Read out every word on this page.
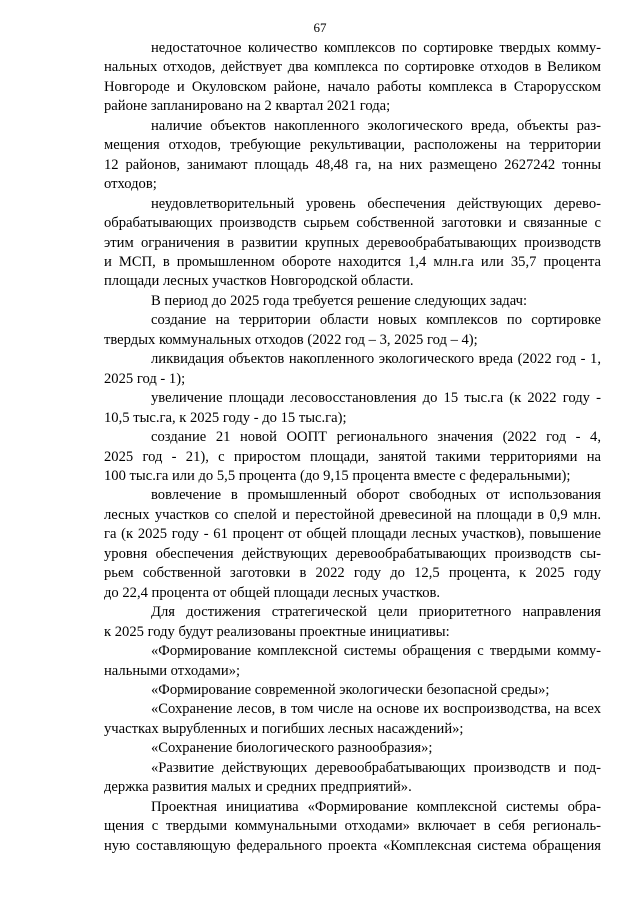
67
недостаточное количество комплексов по сортировке твердых комму-
нальных отходов, действует два комплекса по сортировке отходов в Великом
Новгороде и Окуловском районе, начало работы комплекса в Старорусском
районе запланировано на 2 квартал 2021 года;
наличие объектов накопленного экологического вреда, объекты раз-
мещения отходов, требующие рекультивации, расположены на территории
12 районов, занимают площадь 48,48 га, на них размещено 2627242 тонны
отходов;
неудовлетворительный уровень обеспечения действующих дерево-
обрабатывающих производств сырьем собственной заготовки и связанные с
этим ограничения в развитии крупных деревообрабатывающих производств
и МСП, в промышленном обороте находится 1,4 млн.га или 35,7 процента
площади лесных участков Новгородской области.
В период до 2025 года требуется решение следующих задач:
создание на территории области новых комплексов по сортировке
твердых коммунальных отходов (2022 год – 3, 2025 год – 4);
ликвидация объектов накопленного экологического вреда (2022 год - 1,
2025 год - 1);
увеличение площади лесовосстановления до 15 тыс.га (к 2022 году -
10,5 тыс.га, к 2025 году - до 15 тыс.га);
создание 21 новой ООПТ регионального значения (2022 год - 4,
2025 год - 21), с приростом площади, занятой такими территориями на
100 тыс.га или до 5,5 процента (до 9,15 процента вместе с федеральными);
вовлечение в промышленный оборот свободных от использования
лесных участков со спелой и перестойной древесиной на площади в 0,9 млн.
га (к 2025 году - 61 процент от общей площади лесных участков), повышение
уровня обеспечения действующих деревообрабатывающих производств сы-
рьем собственной заготовки в 2022 году до 12,5 процента, к 2025 году
до 22,4 процента от общей площади лесных участков.
Для достижения стратегической цели приоритетного направления
к 2025 году будут реализованы проектные инициативы:
«Формирование комплексной системы обращения с твердыми комму-
нальными отходами»;
«Формирование современной экологически безопасной среды»;
«Сохранение лесов, в том числе на основе их воспроизводства, на всех
участках вырубленных и погибших лесных насаждений»;
«Сохранение биологического разнообразия»;
«Развитие действующих деревообрабатывающих производств и под-
держка развития малых и средних предприятий».
Проектная инициатива «Формирование комплексной системы обра-
щения с твердыми коммунальными отходами» включает в себя региональ-
ную составляющую федерального проекта «Комплексная система обращения
